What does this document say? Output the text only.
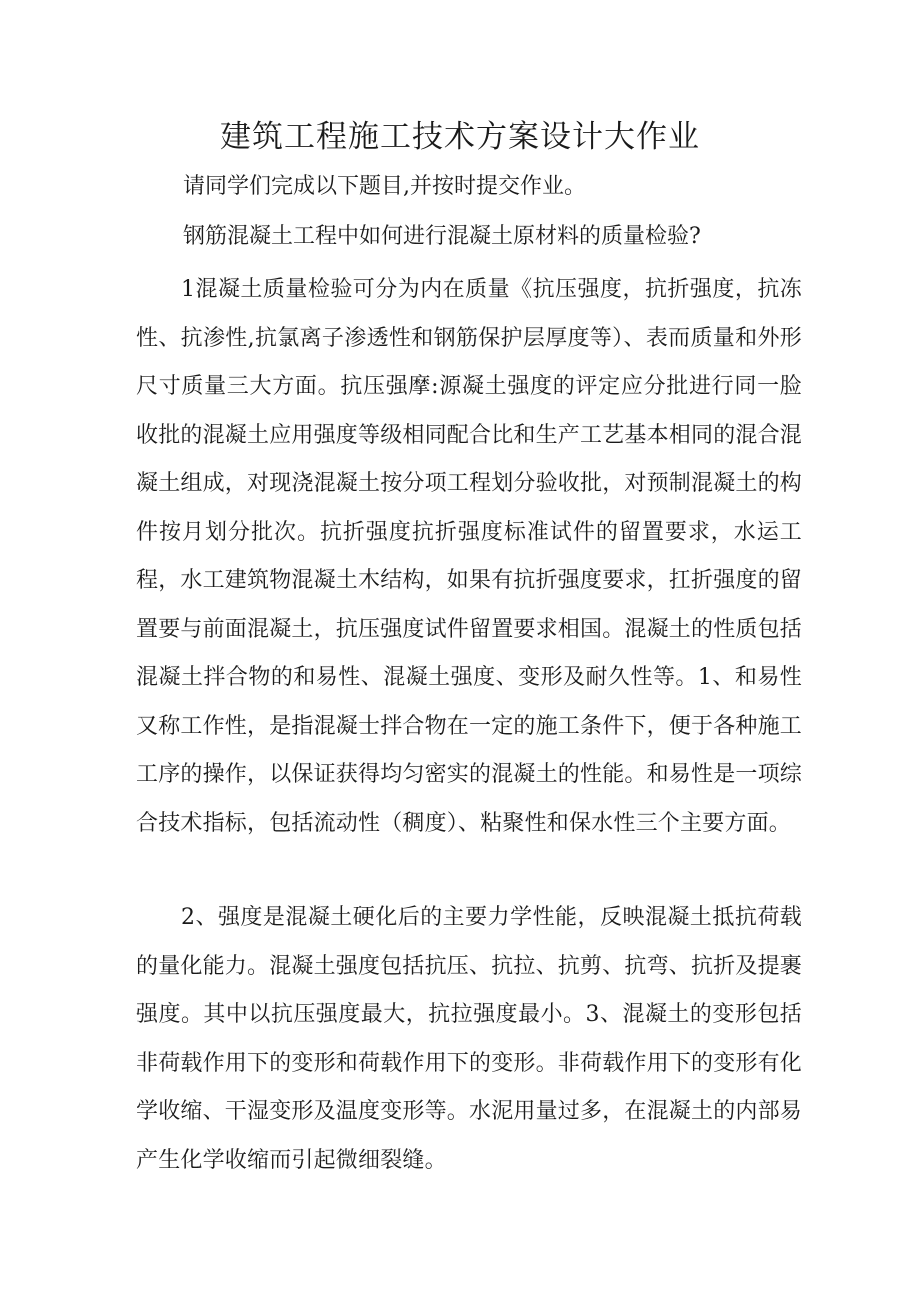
建筑工程施工技术方案设计大作业

请同学们完成以下题目,并按时提交作业。

钢筋混凝土工程中如何进行混凝土原材料的质量检验?

1混凝土质量检验可分为内在质量《抗压强度，抗折强度，抗冻性、抗渗性,抗氯离子渗透性和钢筋保护层厚度等）、表而质量和外形尺寸质量三大方面。抗压强摩:源凝土强度的评定应分批进行同一脸收批的混凝土应用强度等级相同配合比和生产工艺基本相同的混合混凝土组成，对现浇混凝土按分项工程划分验收批，对预制混凝土的构件按月划分批次。抗折强度抗折强度标准试件的留置要求，水运工程，水工建筑物混凝土木结构，如果有抗折强度要求，扛折强度的留置要与前面混凝土，抗压强度试件留置要求相国。混凝土的性质包括混凝土拌合物的和易性、混凝土强度、变形及耐久性等。1、和易性又称工作性，是指混凝士拌合物在一定的施工条件下，便于各种施工工序的操作，以保证获得均匀密实的混凝土的性能。和易性是一项综合技术指标，包括流动性（稠度）、粘聚性和保水性三个主要方面。

2、强度是混凝土硬化后的主要力学性能，反映混凝土抵抗荷载的量化能力。混凝土强度包括抗压、抗拉、抗剪、抗弯、抗折及提裹强度。其中以抗压强度最大，抗拉强度最小。3、混凝土的变形包括非荷载作用下的变形和荷载作用下的变形。非荷载作用下的变形有化学收缩、干湿变形及温度变形等。水泥用量过多，在混凝土的内部易产生化学收缩而引起微细裂缝。
